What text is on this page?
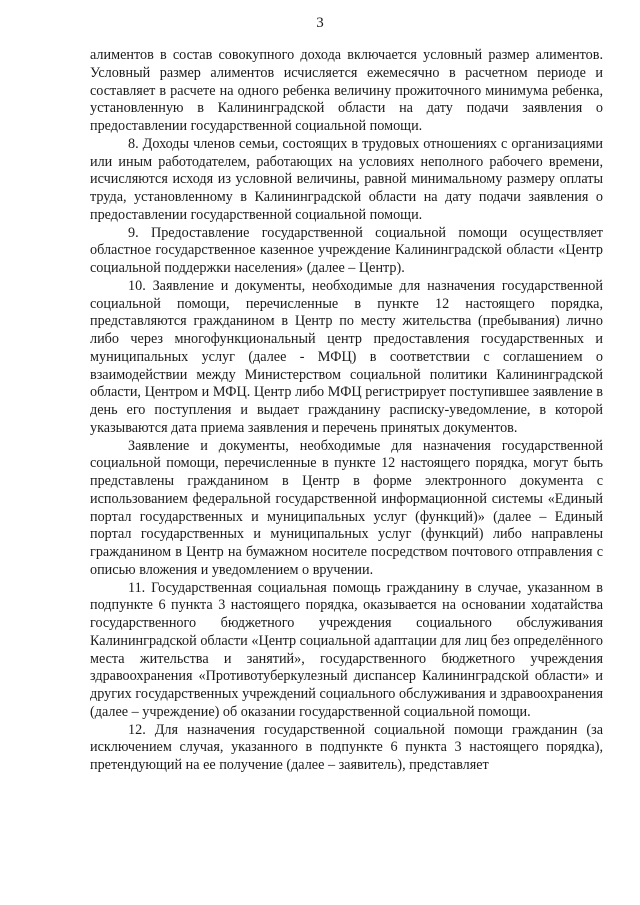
3

алиментов в состав совокупного дохода включается условный размер алиментов. Условный размер алиментов исчисляется ежемесячно в расчетном периоде и составляет в расчете на одного ребенка величину прожиточного минимума ребенка, установленную в Калининградской области на дату подачи заявления о предоставлении государственной социальной помощи.

8. Доходы членов семьи, состоящих в трудовых отношениях с организациями или иным работодателем, работающих на условиях неполного рабочего времени, исчисляются исходя из условной величины, равной минимальному размеру оплаты труда, установленному в Калининградской области на дату подачи заявления о предоставлении государственной социальной помощи.

9. Предоставление государственной социальной помощи осуществляет областное государственное казенное учреждение Калининградской области «Центр социальной поддержки населения» (далее – Центр).

10. Заявление и документы, необходимые для назначения государственной социальной помощи, перечисленные в пункте 12 настоящего порядка, представляются гражданином в Центр по месту жительства (пребывания) лично либо через многофункциональный центр предоставления государственных и муниципальных услуг (далее - МФЦ) в соответствии с соглашением о взаимодействии между Министерством социальной политики Калининградской области, Центром и МФЦ. Центр либо МФЦ регистрирует поступившее заявление в день его поступления и выдает гражданину расписку-уведомление, в которой указываются дата приема заявления и перечень принятых документов.

Заявление и документы, необходимые для назначения государственной социальной помощи, перечисленные в пункте 12 настоящего порядка, могут быть представлены гражданином в Центр в форме электронного документа с использованием федеральной государственной информационной системы «Единый портал государственных и муниципальных услуг (функций)» (далее – Единый портал государственных и муниципальных услуг (функций) либо направлены гражданином в Центр на бумажном носителе посредством почтового отправления с описью вложения и уведомлением о вручении.

11. Государственная социальная помощь гражданину в случае, указанном в подпункте 6 пункта 3 настоящего порядка, оказывается на основании ходатайства государственного бюджетного учреждения социального обслуживания Калининградской области «Центр социальной адаптации для лиц без определённого места жительства и занятий», государственного бюджетного учреждения здравоохранения «Противотуберкулезный диспансер Калининградской области» и других государственных учреждений социального обслуживания и здравоохранения (далее – учреждение) об оказании государственной социальной помощи.

12. Для назначения государственной социальной помощи гражданин (за исключением случая, указанного в подпункте 6 пункта 3 настоящего порядка), претендующий на ее получение (далее – заявитель), представляет
